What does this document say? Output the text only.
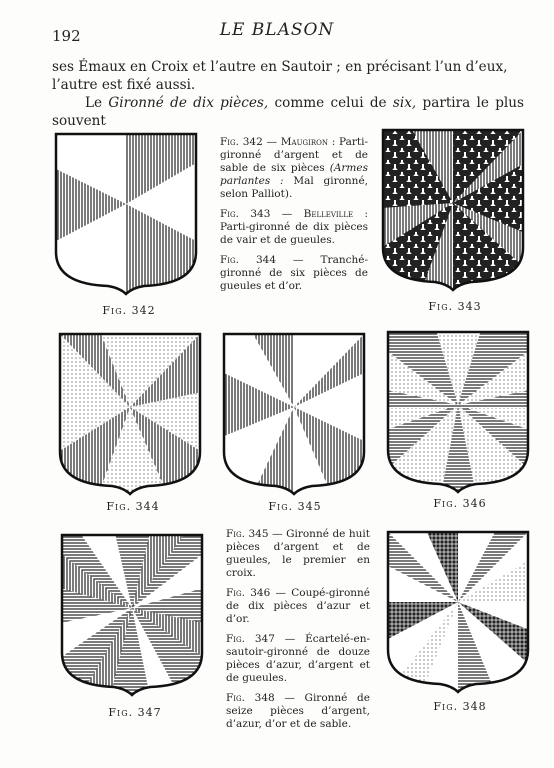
192	LE BLASON

ses Émaux en Croix et l’autre en Sautoir ; en précisant l’un d’eux,

l’autre est fixé aussi.

Le Gironné de dix pièces, comme celui de six, partira le plus souvent

Fig. 342	Fig. 343

Fig. 342 — Maugiron : Parti-gironné d’argent et de sable de six pièces (Armes parlantes : Mal gironné, selon Palliot).

Fig. 343 — Belleville : Parti-gironné de dix pièces de vair et de gueules.

Fig. 344 — Tranché-gironné de six pièces de gueules et d’or.

Fig. 344	Fig. 345	Fig. 346
Fig. 347	Fig. 348

Fig. 345 — Gironné de huit pièces d’argent et de gueules, le premier en croix.

Fig. 346 — Coupé-gironné de dix pièces d’azur et d’or.

Fig. 347 — Écartelé-en-sautoir-gironné de douze pièces d’azur, d’argent et de gueules.

Fig. 348 — Gironné de seize pièces d’argent, d’azur, d’or et de sable.
